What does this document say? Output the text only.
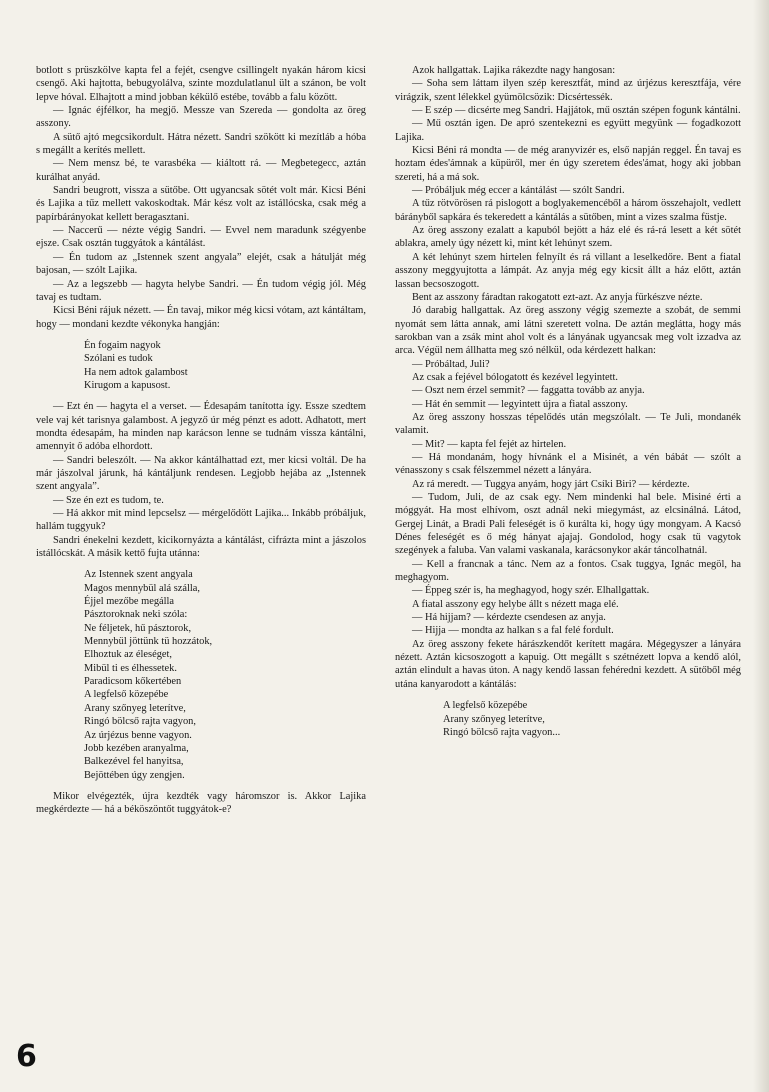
botlott s prüszkölve kapta fel a fejét, csengve csillingelt nyakán három kicsi csengő. Aki hajtotta, bebugyolálva, szinte mozdulatlanul ült a szánon, be volt lepve hóval. Elhajtott a mind jobban kékülő estébe, tovább a falu között.

— Ignác éjfélkor, ha megjő. Messze van Szereda — gondolta az öreg asszony.

A sütő ajtó megcsikordult. Hátra nézett. Sandri szökött ki mezítláb a hóba s megállt a kerítés mellett.

— Nem mensz bé, te varasbéka — kiáltott rá. — Megbetegecc, aztán kurálhat anyád.

Sandri beugrott, vissza a sütőbe. Ott ugyancsak sötét volt már. Kicsi Béni és Lajika a tűz mellett vakoskodtak. Már kész volt az istállócska, csak még a papírbárányokat kellett beragasztani.

— Naccerű — nézte végig Sandri. — Evvel nem maradunk szégyenbe ejsze. Csak osztán tuggyátok a kántálást.

— Én tudom az „Istennek szent angyala” elejét, csak a hátulját még bajosan, — szólt Lajika.

— Az a legszebb — hagyta helybe Sandri. — Én tudom végig jól. Még tavaj es tudtam.

Kicsi Béni rájuk nézett. — Én tavaj, mikor még kicsi vótam, azt kántáltam, hogy — mondani kezdte vékonyka hangján:

Én fogaim nagyok
Szólani es tudok
Ha nem adtok galambost
Kirugom a kapusost.

— Ezt én — hagyta el a verset. — Édesapám tanította így. Essze szedtem vele vaj két tarisnya galambost. A jegyző úr még pénzt es adott. Adhatott, mert mondta édesapám, ha minden nap karácson lenne se tudnám vissza kántálni, amennyit ő adóba elhordott.

— Sandri beleszólt. — Na akkor kántálhattad ezt, mer kicsi voltál. De ha már jászolval járunk, há kántáljunk rendesen. Legjobb hejába az „Istennek szent angyala”.

— Sze én ezt es tudom, te.

— Há akkor mit mind lepcselsz — mérgelődött Lajika... Inkább próbáljuk, hallám tuggyuk?

Sandri énekelni kezdett, kicikornyázta a kántálást, cifrázta mint a jászolos istállócskát. A másik kettő fujta utánna:

Az Istennek szent angyala
Magos mennybül alá szálla,
Éjjel mezőbe megálla
Pásztoroknak neki szóla:
Ne féljetek, hű pásztorok,
Mennybül jöttünk tü hozzátok,
Elhoztuk az éleséget,
Mibül ti es élhessetek.
Paradicsom kőkertében
A legfelső közepébe
Arany szőnyeg leterítve,
Ringó bölcső rajta vagyon,
Az úrjézus benne vagyon.
Jobb kezében aranyalma,
Balkezével fel hanyitsa,
Bejöttében úgy zengjen.

Mikor elvégezték, újra kezdték vagy háromszor is. Akkor Lajika megkérdezte — há a béköszöntőt tuggyátok-e?

Azok hallgattak. Lajika rákezdte nagy hangosan:

— Soha sem láttam ilyen szép keresztfát, mind az úrjézus keresztfája, vére virágzik, szent lélekkel gyümölcsözik: Dicsértessék.

— E szép — dicsérte meg Sandri. Hajjátok, mű osztán szépen fogunk kántálni.

— Mű osztán igen. De apró szentekezni es együtt megyünk — fogadkozott Lajika.

Kicsi Béni rá mondta — de még aranyvizér es, első napján reggel. Én tavaj es hoztam édes'ámnak a küpüről, mer én úgy szeretem édes'ámat, hogy aki jobban szereti, há a má sok.

— Próbáljuk még eccer a kántálást — szólt Sandri.

A tűz rötvörösen rá pislogott a boglyakemencéből a három összehajolt, vedlett bárányből sapkára és tekeredett a kántálás a sütőben, mint a vizes szalma füstje.

Az öreg asszony ezalatt a kapuból bejött a ház elé és rá-rá lesett a két sötét ablakra, amely úgy nézett ki, mint két lehúnyt szem.

A két lehúnyt szem hirtelen felnyílt és rá villant a leselkedőre. Bent a fiatal asszony meggyujtotta a lámpát. Az anyja még egy kicsit állt a ház előtt, aztán lassan becsoszogott.

Bent az asszony fáradtan rakogatott ezt-azt. Az anyja fürkészve nézte.

Jó darabig hallgattak. Az öreg asszony végig szemezte a szobát, de semmi nyomát sem látta annak, ami látni szeretett volna. De aztán meglátta, hogy más sarokban van a zsák mint ahol volt és a lányának ugyancsak meg volt izzadva az arca. Végül nem állhatta meg szó nélkül, oda kérdezett halkan:

— Próbáltad, Juli?

Az csak a fejével bólogatott és kezével legyintett.

— Oszt nem érzel semmit? — faggatta tovább az anyja.

— Hát én semmit — legyintett újra a fiatal asszony.

Az öreg asszony hosszas tépelődés után megszólalt. — Te Juli, mondanék valamit.

— Mit? — kapta fel fejét az hirtelen.

— Há mondanám, hogy hívnánk el a Misinét, a vén bábát — szólt a vénasszony s csak félszemmel nézett a lányára.

Az rá meredt. — Tuggya anyám, hogy járt Csíki Biri? — kérdezte.

— Tudom, Juli, de az csak egy. Nem mindenki hal bele. Misiné érti a móggyát. Ha most elhívom, oszt adnál neki miegymást, az elcsinálná. Látod, Gergej Linát, a Bradi Pali feleségét is ő kurálta ki, hogy úgy mongyam. A Kacsó Dénes feleségét es ő még hányat ajajaj. Gondolod, hogy csak tü vagytok szegények a faluba. Van valami vaskanala, karácsonykor akár táncolhatnál.

— Kell a francnak a tánc. Nem az a fontos. Csak tuggya, Ignác megöl, ha meghagyom.

— Éppeg szér is, ha meghagyod, hogy szér. Elhallgattak.

A fiatal asszony egy helybe állt s nézett maga elé.

— Há hijjam? — kérdezte csendesen az anyja.

— Hijja — mondta az halkan s a fal felé fordult.

Az öreg asszony fekete hárászkendőt kerített magára. Mégegyszer a lányára nézett. Aztán kicsoszogott a kapuig. Ott megállt s szétnézett lopva a kendő alól, aztán elindult a havas úton. A nagy kendő lassan fehéredni kezdett. A sütőből még utána kanyarodott a kántálás:

A legfelső közepébe
Arany szőnyeg leterítve,
Ringó bölcső rajta vagyon...
6
